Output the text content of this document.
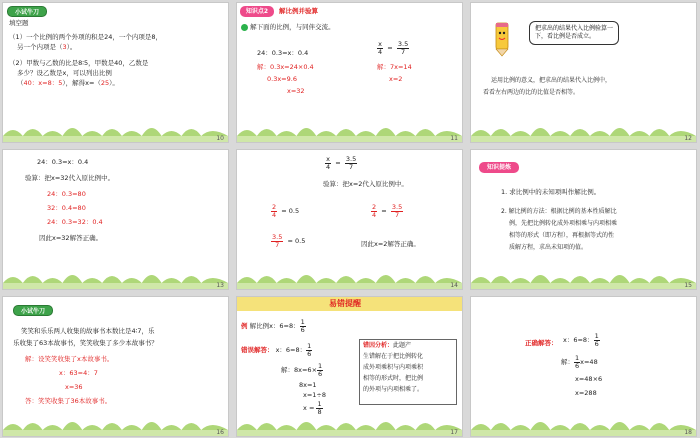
小试牛刀
填空题
（1）一个比例的两个外项的积是24，一个内项是8，
另一个内项是（3）。
（2）甲数与乙数的比是8∶5，甲数是40，乙数是
多少？设乙数是x，可以列出比例
（40：x=8：5），解得x=（25）。
10
知识点2	解比例并验算
解下面的比例，与同伴交流。
24：0.3=x：0.4
解：0.3x=24×0.4
0.3x=9.6
x=32
$\frac{x}{4} = \frac{3.5}{7}$
解：7x=14
x=2
11
把求出的结果代入比例验算一
下，看比例是否成立。
运用比例的意义，把求出的结果代入比例中，
看看左右两边的比的比值是否相等。
12
24：0.3=x：0.4
验算：把x=32代入原比例中。
24：0.3=80
32：0.4=80
24：0.3=32：0.4
因此x=32解答正确。
13
$\frac{x}{4} = \frac{3.5}{7}$
验算：把x=2代入原比例中。
$\frac{2}{4} = 0.5$	$\frac{2}{4} = \frac{3.5}{7}$
$\frac{3.5}{7} = 0.5$	因此x=2解答正确。
14
知识提炼
1. 求比例中的未知项叫作解比例。
2. 解比例的方法：根据比例的基本性质解比
例，先把比例转化成外项相乘与内项相乘
相等的形式（即方程），再根据等式的性
质解方程，求出未知项的值。
15
小试牛刀
笑笑和乐乐两人收集的故事书本数比是4∶7，乐
乐收集了63本故事书，笑笑收集了多少本故事书？
解：设笑笑收集了x本故事书。
x：63=4：7
x=36
答：笑笑收集了36本故事书。
16
易错提醒
例 解比例x：6=8： $\frac{1}{6}$
错误解答： x：6=8： $\frac{1}{6}$
解：$8x=6\times \frac{1}{6}$
8x=1
x=1÷8
$x = \frac{1}{8}$
错因分析：此题产
生错解在于把比例转化
成外项乘积与内项乘积
相等的形式时，把比例
的外项与内项相乘了。
17
正确解答： x：6=8： $\frac{1}{6}$
解： $\frac{1}{6} x=48$
x=48×6
x=288
18
